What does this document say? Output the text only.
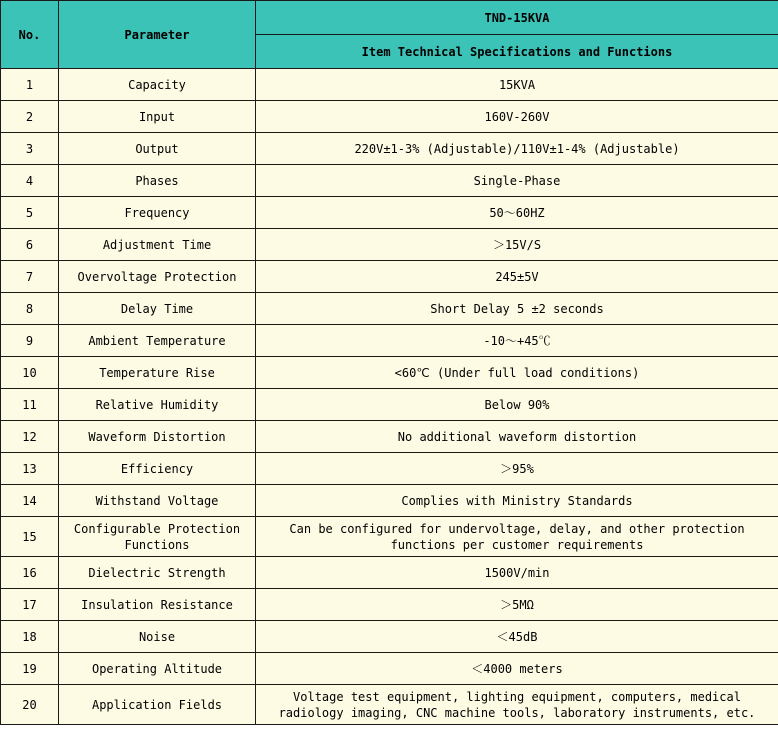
No.	Parameter	TND-15KVA
		Item Technical Specifications and Functions
1	Capacity	15KVA
2	Input	160V-260V
3	Output	220V±1-3% (Adjustable)/110V±1-4% (Adjustable)
4	Phases	Single-Phase
5	Frequency	50～60HZ
6	Adjustment Time	＞15V/S
7	Overvoltage Protection	245±5V
8	Delay Time	Short Delay 5 ±2 seconds
9	Ambient Temperature	-10～+45℃
10	Temperature Rise	<60℃ (Under full load conditions)
11	Relative Humidity	Below 90%
12	Waveform Distortion	No additional waveform distortion
13	Efficiency	＞95%
14	Withstand Voltage	Complies with Ministry Standards
15	Configurable Protection Functions	Can be configured for undervoltage, delay, and other protection functions per customer requirements
16	Dielectric Strength	1500V/min
17	Insulation Resistance	＞5MΩ
18	Noise	＜45dB
19	Operating Altitude	＜4000 meters
20	Application Fields	Voltage test equipment, lighting equipment, computers, medical radiology imaging, CNC machine tools, laboratory instruments, etc.
